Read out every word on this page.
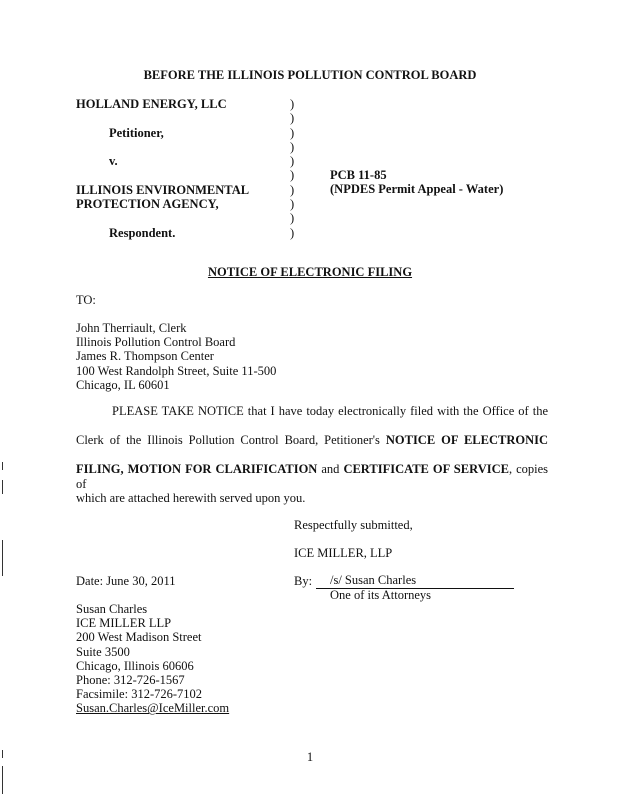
BEFORE THE ILLINOIS POLLUTION CONTROL BOARD
HOLLAND ENERGY, LLC
Petitioner,
v.
ILLINOIS ENVIRONMENTAL
PROTECTION AGENCY,
Respondent.
)
)
)
)
)
)
)
)
)
)
PCB 11-85
(NPDES Permit Appeal - Water)
NOTICE OF ELECTRONIC FILING
TO:
John Therriault, Clerk
Illinois Pollution Control Board
James R. Thompson Center
100 West Randolph Street, Suite 11-500
Chicago, IL 60601
PLEASE TAKE NOTICE that I have today electronically filed with the Office of the
Clerk of the Illinois Pollution Control Board, Petitioner's NOTICE OF ELECTRONIC
FILING, MOTION FOR CLARIFICATION and CERTIFICATE OF SERVICE, copies of
which are attached herewith served upon you.
Respectfully submitted,
ICE MILLER, LLP
Date: June 30, 2011	By:	/s/ Susan Charles
One of its Attorneys
Susan Charles
ICE MILLER LLP
200 West Madison Street
Suite 3500
Chicago, Illinois 60606
Phone: 312-726-1567
Facsimile: 312-726-7102
Susan.Charles@IceMiller.com
1
